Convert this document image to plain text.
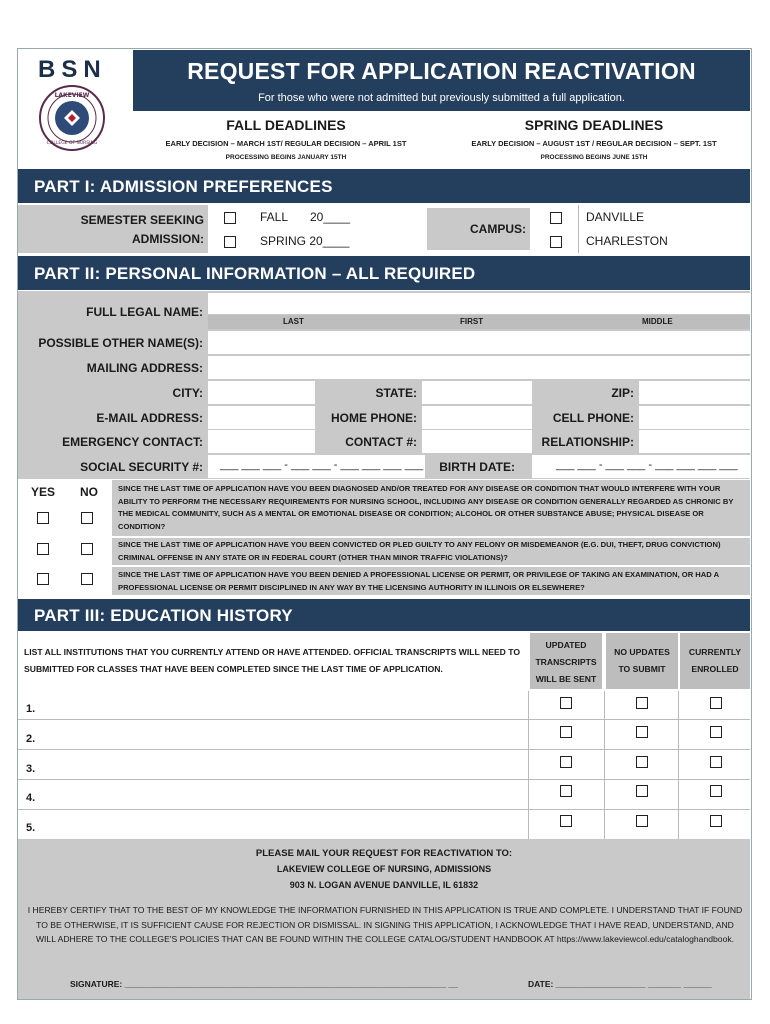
BSN
LAKEVIEW
COLLEGE OF NURSING
REQUEST FOR APPLICATION REACTIVATION
For those who were not admitted but previously submitted a full application.
FALL DEADLINES
EARLY DECISION – MARCH 1ST/ REGULAR DECISION – APRIL 1ST
PROCESSING BEGINS JANUARY 15TH
SPRING DEADLINES
EARLY DECISION – AUGUST 1ST / REGULAR DECISION – SEPT. 1ST
PROCESSING BEGINS JUNE 15TH
PART I: ADMISSION PREFERENCES
SEMESTER SEEKING
ADMISSION:
FALL 20____
SPRING 20____
CAMPUS:
DANVILLE
CHARLESTON
PART II: PERSONAL INFORMATION – ALL REQUIRED
FULL LEGAL NAME:
LAST	FIRST	MIDDLE
POSSIBLE OTHER NAME(S):
MAILING ADDRESS:
CITY:	STATE:	ZIP:
E-MAIL ADDRESS:	HOME PHONE:	CELL PHONE:
EMERGENCY CONTACT:	CONTACT #:	RELATIONSHIP:
SOCIAL SECURITY #: ___ ___ ___ - ___ ___ - ___ ___ ___ ___	BIRTH DATE:	___ ___ - ___ ___ - ___ ___ ___ ___
YES	NO	SINCE THE LAST TIME OF APPLICATION HAVE YOU BEEN DIAGNOSED AND/OR TREATED FOR ANY DISEASE OR CONDITION THAT WOULD INTERFERE WITH YOUR ABILITY TO PERFORM THE NECESSARY REQUIREMENTS FOR NURSING SCHOOL, INCLUDING ANY DISEASE OR CONDITION GENERALLY REGARDED AS CHRONIC BY THE MEDICAL COMMUNITY, SUCH AS A MENTAL OR EMOTIONAL DISEASE OR CONDITION; ALCOHOL OR OTHER SUBSTANCE ABUSE; PHYSICAL DISEASE OR CONDITION?
SINCE THE LAST TIME OF APPLICATION HAVE YOU BEEN CONVICTED OR PLED GUILTY TO ANY FELONY OR MISDEMEANOR (E.G. DUI, THEFT, DRUG CONVICTION) CRIMINAL OFFENSE IN ANY STATE OR IN FEDERAL COURT (OTHER THAN MINOR TRAFFIC VIOLATIONS)?
SINCE THE LAST TIME OF APPLICATION HAVE YOU BEEN DENIED A PROFESSIONAL LICENSE OR PERMIT, OR PRIVILEGE OF TAKING AN EXAMINATION, OR HAD A PROFESSIONAL LICENSE OR PERMIT DISCIPLINED IN ANY WAY BY THE LICENSING AUTHORITY IN ILLINOIS OR ELSEWHERE?
PART III: EDUCATION HISTORY
LIST ALL INSTITUTIONS THAT YOU CURRENTLY ATTEND OR HAVE ATTENDED. OFFICIAL TRANSCRIPTS WILL NEED TO SUBMITTED FOR CLASSES THAT HAVE BEEN COMPLETED SINCE THE LAST TIME OF APPLICATION.
UPDATED TRANSCRIPTS WILL BE SENT
NO UPDATES TO SUBMIT
CURRENTLY ENROLLED
1.
2.
3.
4.
5.
PLEASE MAIL YOUR REQUEST FOR REACTIVATION TO:
LAKEVIEW COLLEGE OF NURSING, ADMISSIONS
903 N. LOGAN AVENUE DANVILLE, IL 61832
I HEREBY CERTIFY THAT TO THE BEST OF MY KNOWLEDGE THE INFORMATION FURNISHED IN THIS APPLICATION IS TRUE AND COMPLETE. I UNDERSTAND THAT IF FOUND TO BE OTHERWISE, IT IS SUFFICIENT CAUSE FOR REJECTION OR DISMISSAL. IN SIGNING THIS APPLICATION, I ACKNOWLEDGE THAT I HAVE READ, UNDERSTAND, AND WILL ADHERE TO THE COLLEGE'S POLICIES THAT CAN BE FOUND WITHIN THE COLLEGE CATALOG/STUDENT HANDBOOK AT https://www.lakeviewcol.edu/cataloghandbook.
SIGNATURE: ____________________________________________________________________ __	DATE: ___________________ _______ ______
